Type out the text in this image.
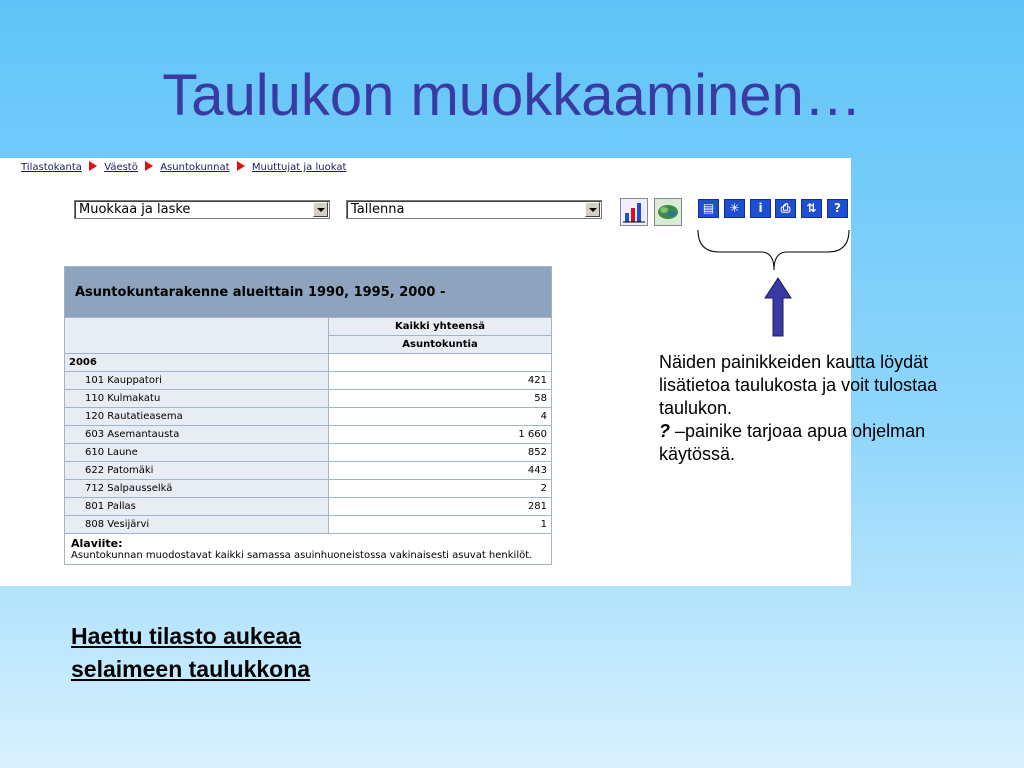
Taulukon muokkaaminen…
Tilastokanta Väestö Asuntokunnat Muuttujat ja luokat
Muokkaa ja laske	Tallenna	▤	✳	i	⎙	⇅	?
Asuntokuntarakenne alueittain 1990, 1995, 2000 -	
	Kaikki yhteensä
	Asuntokuntia
2006	
101 Kauppatori	421
110 Kulmakatu	58
120 Rautatieasema	4
603 Asemantausta	1 660
610 Laune	852
622 Patomäki	443
712 Salpausselkä	2
801 Pallas	281
808 Vesijärvi	1

Alaviite:
Asuntokunnan muodostavat kaikki samassa asuinhuoneistossa vakinaisesti asuvat henkilöt.	
Näiden painikkeiden kautta löydät lisätietoa taulukosta ja voit tulostaa taulukon.
? –painike tarjoaa apua ohjelman käytössä.
Haettu tilasto aukeaa selaimeen taulukkona
